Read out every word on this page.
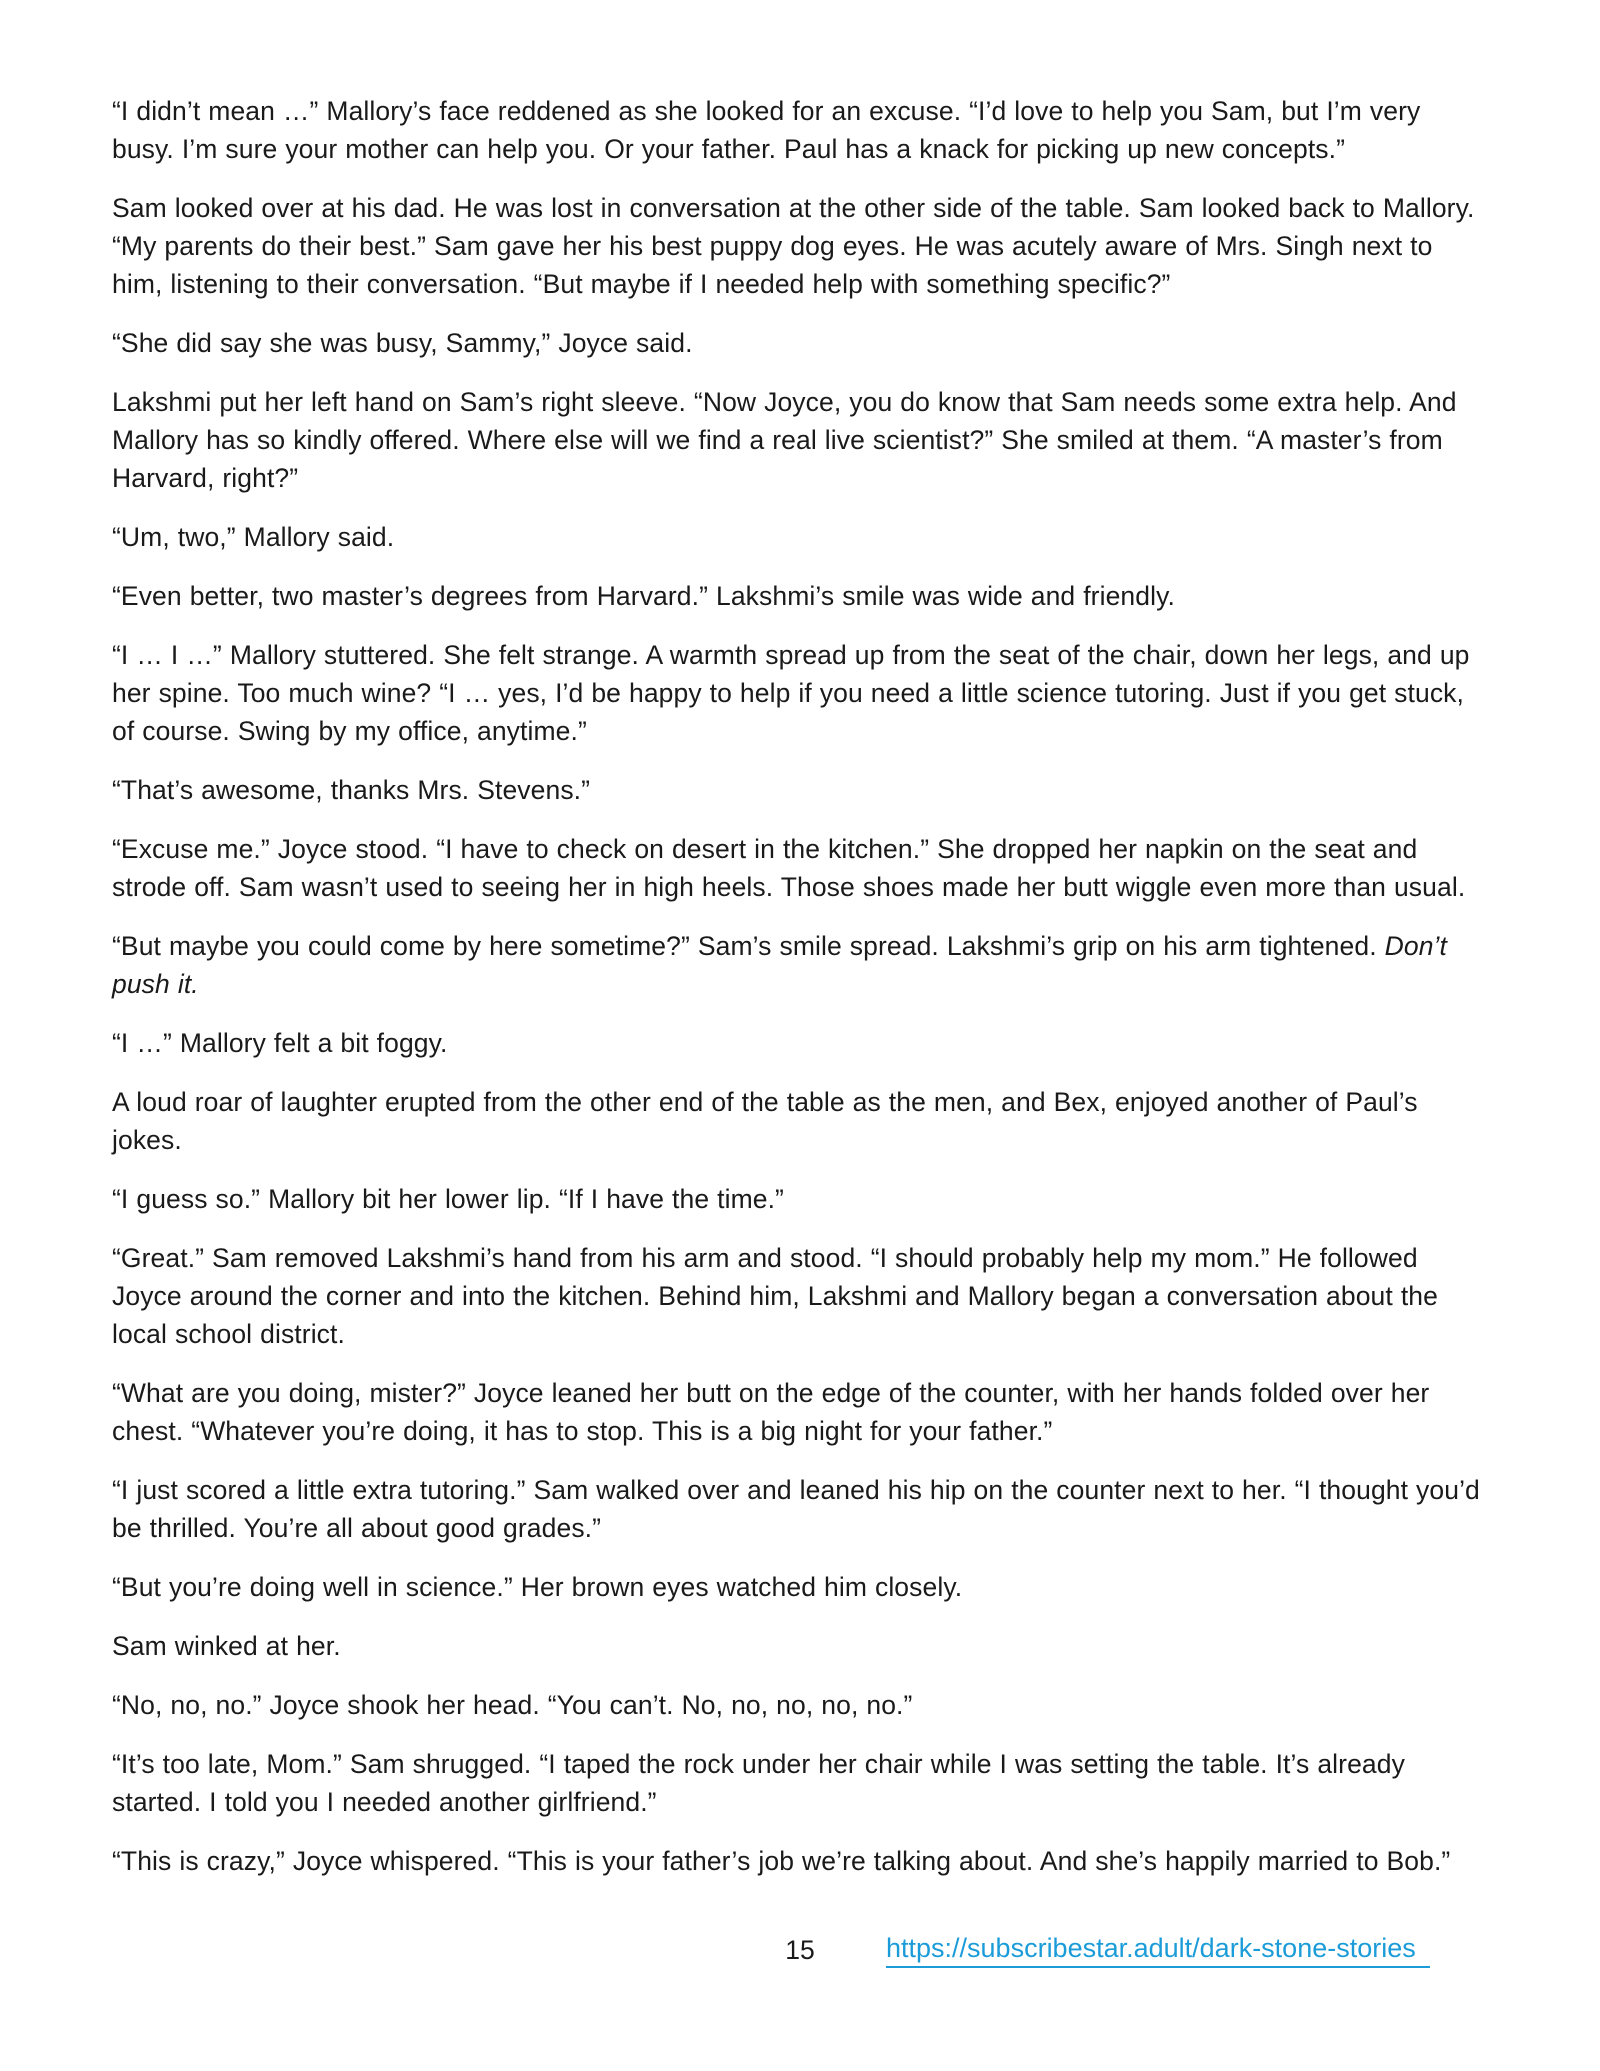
“I didn’t mean …” Mallory’s face reddened as she looked for an excuse. “I’d love to help you Sam, but I’m very busy. I’m sure your mother can help you. Or your father. Paul has a knack for picking up new concepts.”

Sam looked over at his dad. He was lost in conversation at the other side of the table. Sam looked back to Mallory. “My parents do their best.” Sam gave her his best puppy dog eyes. He was acutely aware of Mrs. Singh next to him, listening to their conversation. “But maybe if I needed help with something specific?”

“She did say she was busy, Sammy,” Joyce said.

Lakshmi put her left hand on Sam’s right sleeve. “Now Joyce, you do know that Sam needs some extra help. And Mallory has so kindly offered. Where else will we find a real live scientist?” She smiled at them. “A master’s from Harvard, right?”

“Um, two,” Mallory said.

“Even better, two master’s degrees from Harvard.” Lakshmi’s smile was wide and friendly.

“I … I …” Mallory stuttered. She felt strange. A warmth spread up from the seat of the chair, down her legs, and up her spine. Too much wine? “I … yes, I’d be happy to help if you need a little science tutoring. Just if you get stuck, of course. Swing by my office, anytime.”

“That’s awesome, thanks Mrs. Stevens.”

“Excuse me.” Joyce stood. “I have to check on desert in the kitchen.” She dropped her napkin on the seat and strode off. Sam wasn’t used to seeing her in high heels. Those shoes made her butt wiggle even more than usual.

“But maybe you could come by here sometime?” Sam’s smile spread. Lakshmi’s grip on his arm tightened. Don’t push it.

“I …” Mallory felt a bit foggy.

A loud roar of laughter erupted from the other end of the table as the men, and Bex, enjoyed another of Paul’s jokes.

“I guess so.” Mallory bit her lower lip. “If I have the time.”

“Great.” Sam removed Lakshmi’s hand from his arm and stood. “I should probably help my mom.” He followed Joyce around the corner and into the kitchen. Behind him, Lakshmi and Mallory began a conversation about the local school district.

“What are you doing, mister?” Joyce leaned her butt on the edge of the counter, with her hands folded over her chest. “Whatever you’re doing, it has to stop. This is a big night for your father.”

“I just scored a little extra tutoring.” Sam walked over and leaned his hip on the counter next to her. “I thought you’d be thrilled. You’re all about good grades.”

“But you’re doing well in science.” Her brown eyes watched him closely.

Sam winked at her.

“No, no, no.” Joyce shook her head. “You can’t. No, no, no, no, no.”

“It’s too late, Mom.” Sam shrugged. “I taped the rock under her chair while I was setting the table. It’s already started. I told you I needed another girlfriend.”

“This is crazy,” Joyce whispered. “This is your father’s job we’re talking about. And she’s happily married to Bob.”

15	https://subscribestar.adult/dark-stone-stories
